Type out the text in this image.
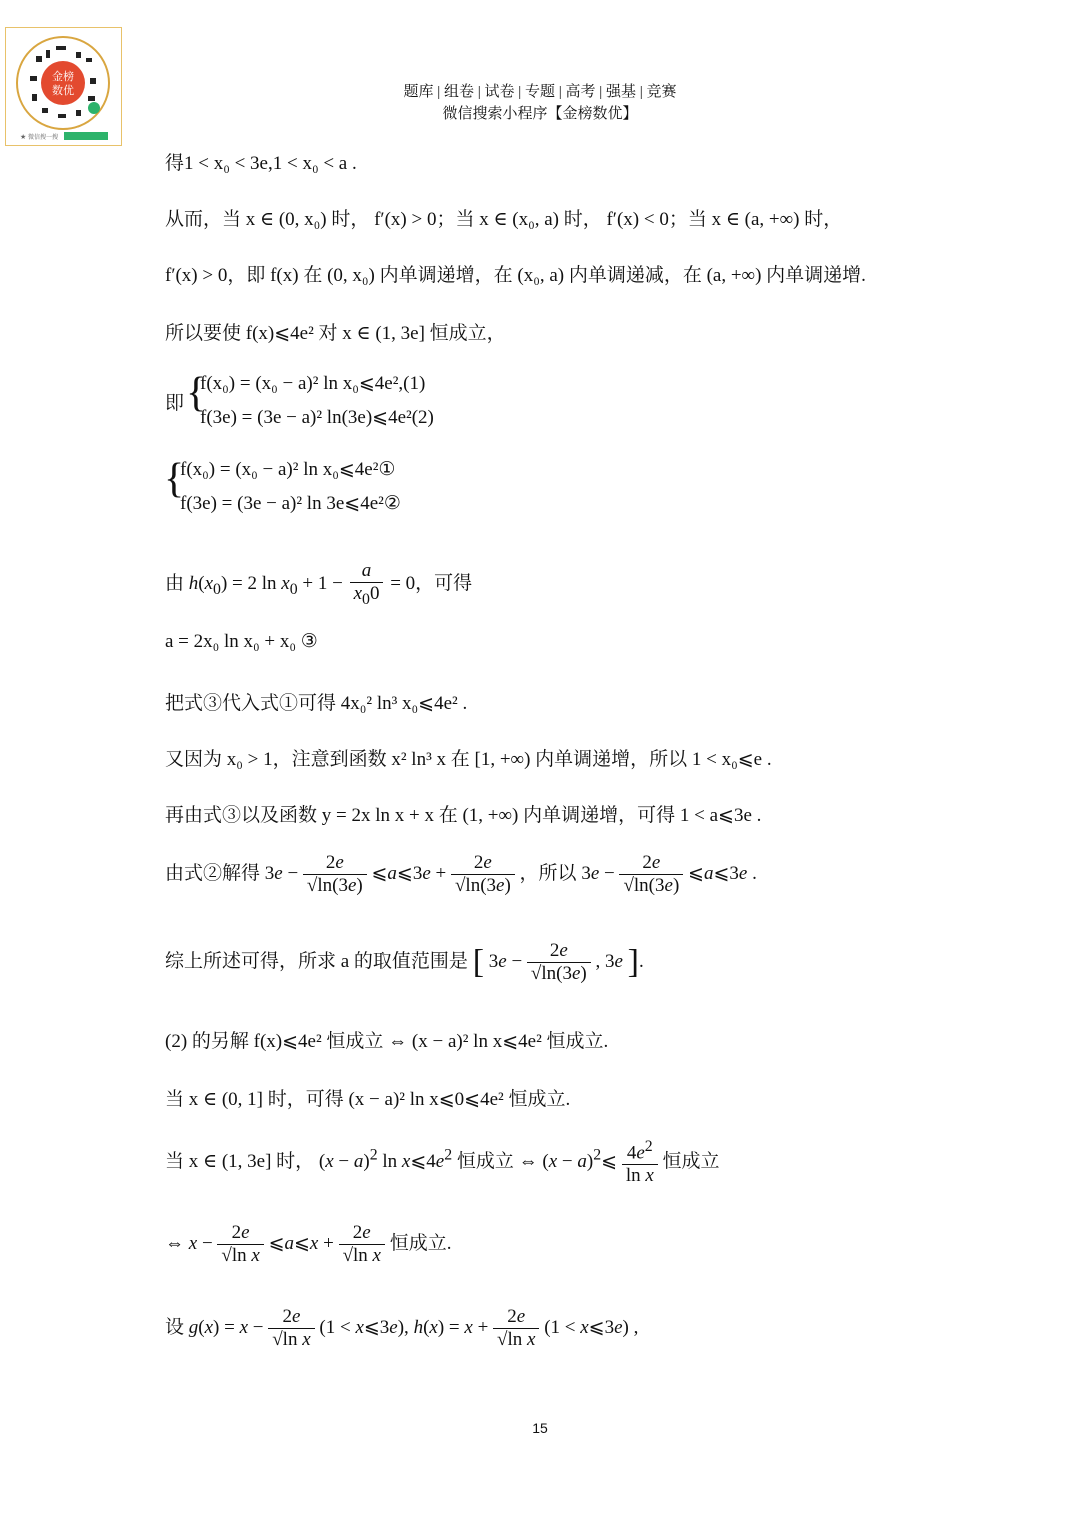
金榜
数优
★ 微信搜一搜
题库 | 组卷 | 试卷 | 专题 | 高考 | 强基 | 竞赛
微信搜索小程序【金榜数优】
得1 < x₀ < 3e,1 < x₀ < a .
从而，当 x ∈ (0, x₀) 时， f′(x) > 0；当 x ∈ (x₀, a) 时， f′(x) < 0；当 x ∈ (a, +∞) 时，
f′(x) > 0，即 f(x) 在 (0, x₀) 内单调递增，在 (x₀, a) 内单调递减，在 (a, +∞) 内单调递增.
所以要使 f(x)⩽4e² 对 x ∈ (1, 3e] 恒成立，
即 {
f(x₀) = (x₀ − a)² ln x₀⩽4e²,(1)
f(3e) = (3e − a)² ln(3e)⩽4e²(2)
{
f(x₀) = (x₀ − a)² ln x₀⩽4e²①
f(3e) = (3e − a)² ln 3e⩽4e²②
由 $h(x_0) = 2$ $\ln x_0 + 1 - \frac{a}{x_00} = 0$，可得
a = 2x₀ ln x₀ + x₀ ③
把式③代入式①可得 4x₀² ln³ x₀⩽4e² .
又因为 x₀ > 1，注意到函数 x² ln³ x 在 [1, +∞) 内单调递增，所以 1 < x₀⩽e .
再由式③以及函数 y = 2x ln x + x 在 (1, +∞) 内单调递增，可得 1 < a⩽3e .
由式②解得 $3e - \frac{2e}{√\ln(3e)}$ ⩽a⩽3e + $\frac{2e}{√\ln(3e)}$ ，所以 $3e - \frac{2e}{√\ln(3e)}$ ⩽a⩽3e .
综上所述可得，所求 a 的取值范围是 [ $3e - \frac{2e}{√\ln(3e)}$ , 3e ].
(2) 的另解 f(x)⩽4e² 恒成立 ⇔ (x − a)² ln x⩽4e² 恒成立.
当 x ∈ (0, 1] 时，可得 (x − a)² ln x⩽0⩽4e² 恒成立.
当 x ∈ (1, 3e] 时， $(x - a)^2$ $\ln x⩽4e^2$ 恒成立 ⇔ $(x - a)^2⩽ \frac{4e^2}{\text{ln x}}$ 恒成立
⇔ $x - \frac{2e}{\text{√ln x}}$ ⩽a⩽x + $\frac{2e}{\text{√ln x}}$ 恒成立.
设 $g(x) = x - \frac{2e}{\text{√ln x}} (1$ < x⩽3e), $h(x) = x + \frac{2e}{\text{√ln x}} (1$ < x⩽3e) ,
15
